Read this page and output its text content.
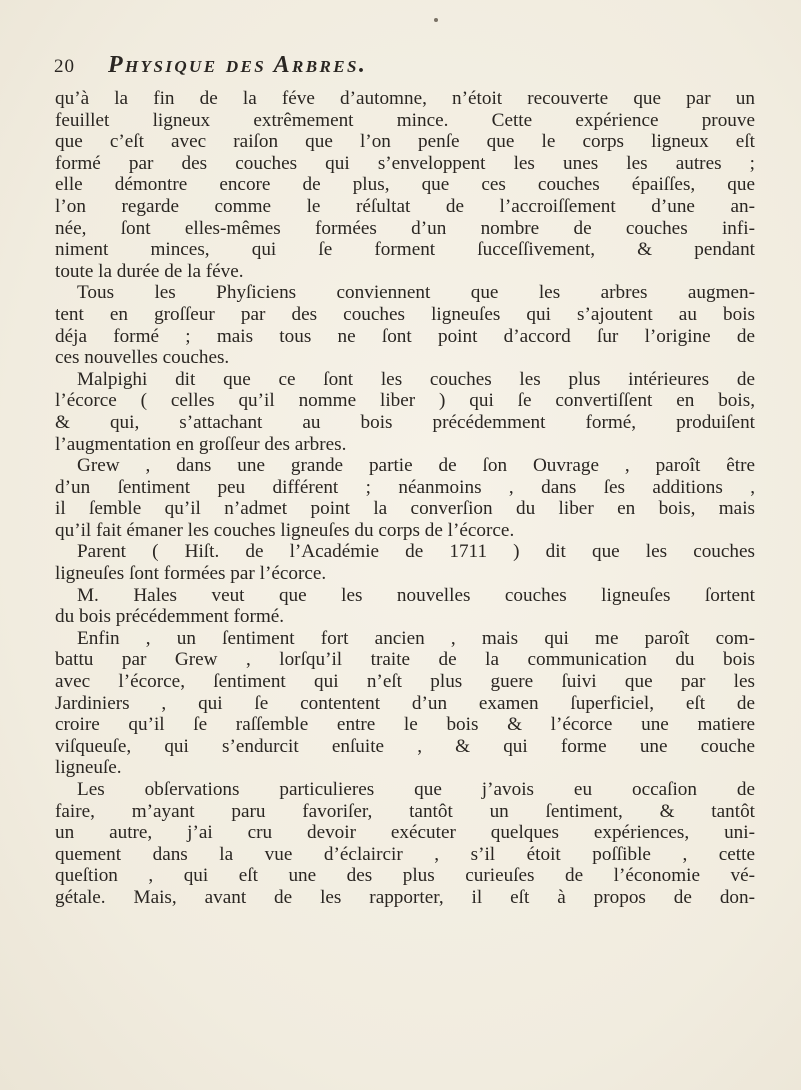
20 Physique des Arbres.
qu’à la fin de la féve d’automne, n’étoit recouverte que par un
feuillet ligneux extrêmement mince. Cette expérience prouve
que c’eſt avec raiſon que l’on penſe que le corps ligneux eſt
formé par des couches qui s’enveloppent les unes les autres ;
elle démontre encore de plus, que ces couches épaiſſes, que
l’on regarde comme le réſultat de l’accroiſſement d’une an-
née, ſont elles-mêmes formées d’un nombre de couches infi-
niment minces, qui ſe forment ſucceſſivement, & pendant
toute la durée de la féve.
Tous les Phyſiciens conviennent que les arbres augmen-
tent en groſſeur par des couches ligneuſes qui s’ajoutent au bois
déja formé ; mais tous ne ſont point d’accord ſur l’origine de
ces nouvelles couches.
Malpighi dit que ce ſont les couches les plus intérieures de
l’écorce ( celles qu’il nomme liber ) qui ſe convertiſſent en bois,
& qui, s’attachant au bois précédemment formé, produiſent
l’augmentation en groſſeur des arbres.
Grew , dans une grande partie de ſon Ouvrage , paroît être
d’un ſentiment peu différent ; néanmoins , dans ſes additions ,
il ſemble qu’il n’admet point la converſion du liber en bois, mais
qu’il fait émaner les couches ligneuſes du corps de l’écorce.
Parent ( Hiſt. de l’Académie de 1711 ) dit que les couches
ligneuſes ſont formées par l’écorce.
M. Hales veut que les nouvelles couches ligneuſes ſortent
du bois précédemment formé.
Enfin , un ſentiment fort ancien , mais qui me paroît com-
battu par Grew , lorſqu’il traite de la communication du bois
avec l’écorce, ſentiment qui n’eſt plus guere ſuivi que par les
Jardiniers , qui ſe contentent d’un examen ſuperficiel, eſt de
croire qu’il ſe raſſemble entre le bois & l’écorce une matiere
viſqueuſe, qui s’endurcit enſuite , & qui forme une couche
ligneuſe.
Les obſervations particulieres que j’avois eu occaſion de
faire, m’ayant paru favoriſer, tantôt un ſentiment, & tantôt
un autre, j’ai cru devoir exécuter quelques expériences, uni-
quement dans la vue d’éclaircir , s’il étoit poſſible , cette
queſtion , qui eſt une des plus curieuſes de l’économie vé-
gétale. Mais, avant de les rapporter, il eſt à propos de don-
